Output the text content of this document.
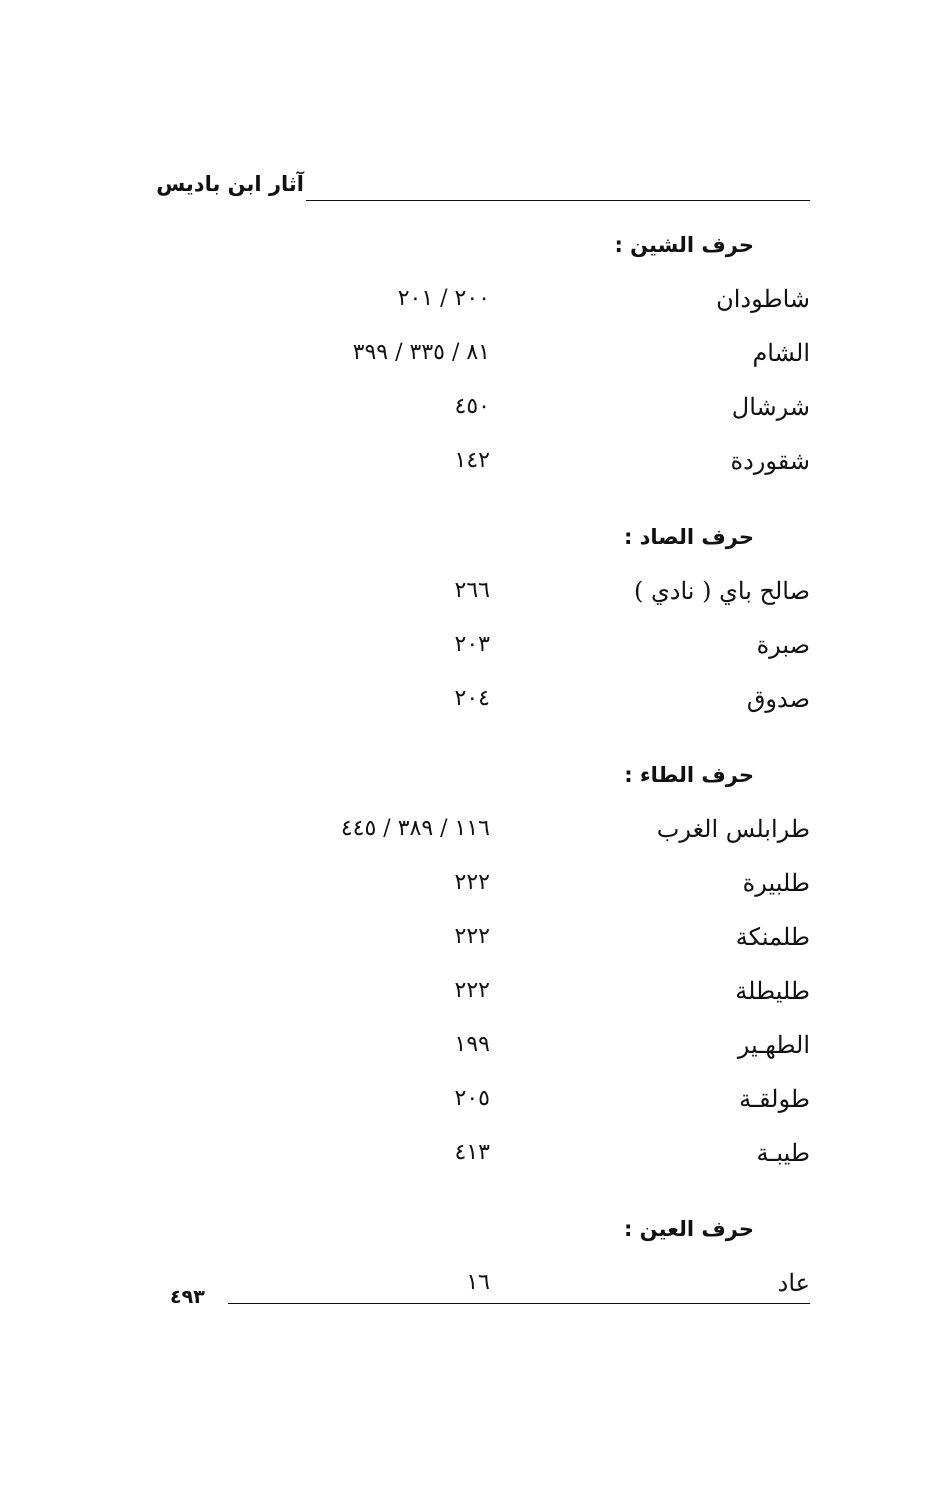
آثار ابن باديس
حرف الشين :
شاطودان
٢٠٠ / ٢٠١
الشام
٨١ / ٣٣٥ / ٣٩٩
شرشال
٤٥٠
شقوردة
١٤٢
حرف الصاد :
صالح باي ( نادي )
٢٦٦
صبرة
٢٠٣
صدوق
٢٠٤
حرف الطاء :
طرابلس الغرب
١١٦ / ٣٨٩ / ٤٤٥
طلبيرة
٢٢٢
طلمنكة
٢٢٢
طليطلة
٢٢٢
الطهـير
١٩٩
طولقـة
٢٠٥
طيبـة
٤١٣
حرف العين :
عاد
١٦
٤٩٣
